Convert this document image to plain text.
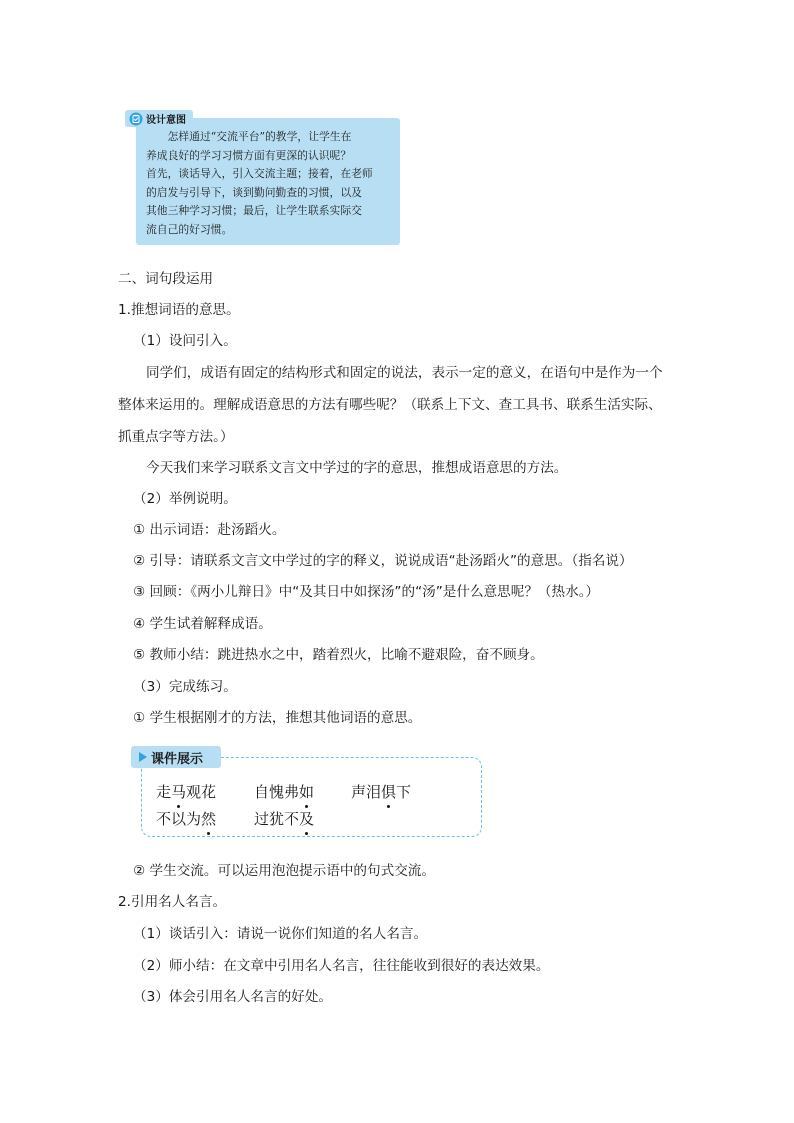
设计意图
　　怎样通过“交流平台”的教学，让学生在
养成良好的学习习惯方面有更深的认识呢？
首先，谈话导入，引入交流主题；接着，在老师
的启发与引导下，谈到勤问勤查的习惯，以及
其他三种学习习惯；最后，让学生联系实际交
流自己的好习惯。
二、词句段运用
1.推想词语的意思。
（1）设问引入。
同学们，成语有固定的结构形式和固定的说法，表示一定的意义，在语句中是作为一个
整体来运用的。理解成语意思的方法有哪些呢？（联系上下文、查工具书、联系生活实际、
抓重点字等方法。）
今天我们来学习联系文言文中学过的字的意思，推想成语意思的方法。
（2）举例说明。
① 出示词语：赴汤蹈火。
② 引导：请联系文言文中学过的字的释义，说说成语“赴汤蹈火”的意思。（指名说）
③ 回顾：《两小儿辩日》中“及其日中如探汤”的“汤”是什么意思呢？（热水。）
④ 学生试着解释成语。
⑤ 教师小结：跳进热水之中，踏着烈火，比喻不避艰险，奋不顾身。
（3）完成练习。
① 学生根据刚才的方法，推想其他词语的意思。
课件展示
走马观花	自愧弗如 声泪俱下
不以为然	过犹不及
② 学生交流。可以运用泡泡提示语中的句式交流。
2.引用名人名言。
（1）谈话引入：请说一说你们知道的名人名言。
（2）师小结：在文章中引用名人名言，往往能收到很好的表达效果。
（3）体会引用名人名言的好处。
